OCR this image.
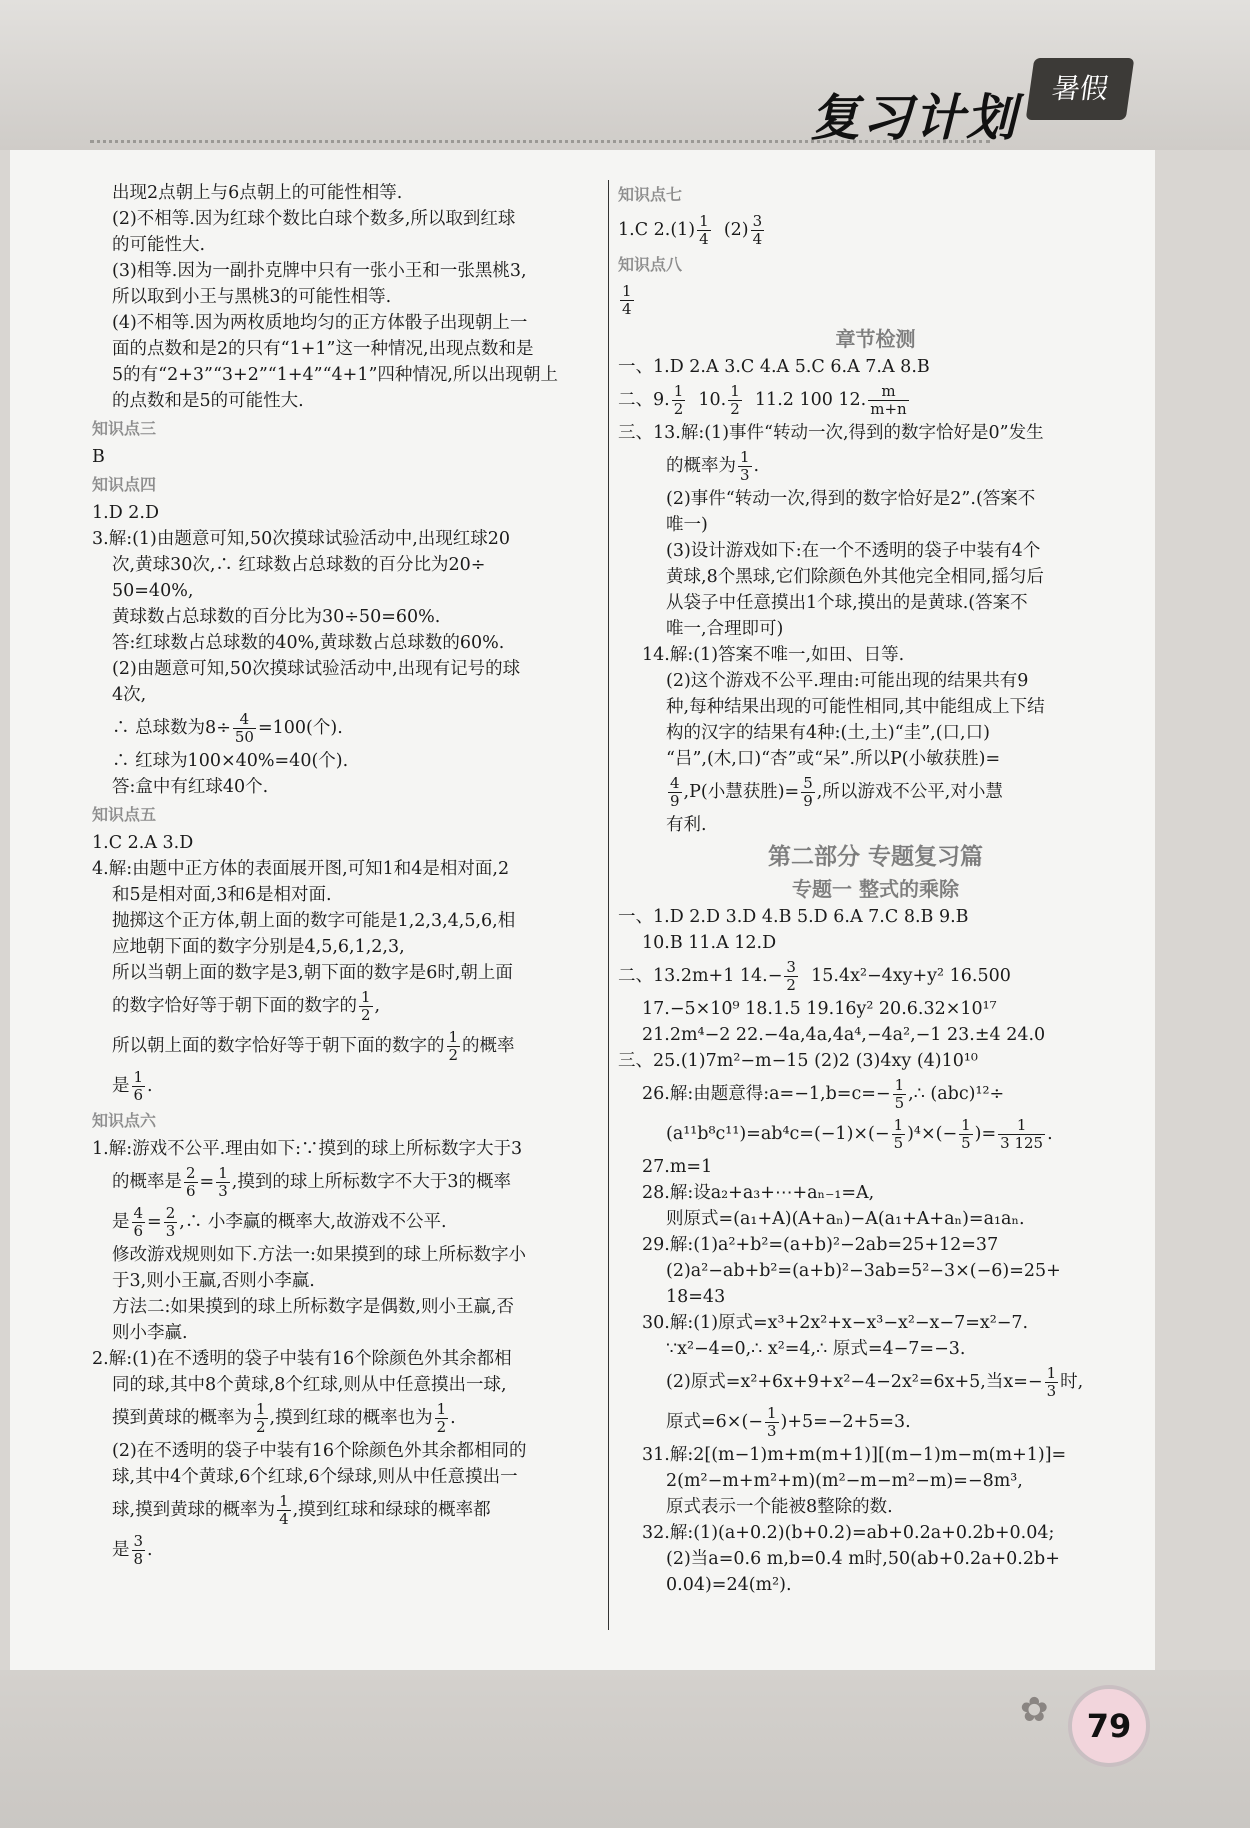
复习计划
暑假
✿	79

出现2点朝上与6点朝上的可能性相等.

(2)不相等.因为红球个数比白球个数多,所以取到红球

的可能性大.

(3)相等.因为一副扑克牌中只有一张小王和一张黑桃3,

所以取到小王与黑桃3的可能性相等.

(4)不相等.因为两枚质地均匀的正方体骰子出现朝上一

面的点数和是2的只有“1+1”这一种情况,出现点数和是

5的有“2+3”“3+2”“1+4”“4+1”四种情况,所以出现朝上

的点数和是5的可能性大.

知识点三

B

知识点四

1.D 2.D

3.解:(1)由题意可知,50次摸球试验活动中,出现红球20

次,黄球30次,∴ 红球数占总球数的百分比为20÷

50=40%,

黄球数占总球数的百分比为30÷50=60%.

答:红球数占总球数的40%,黄球数占总球数的60%.

(2)由题意可知,50次摸球试验活动中,出现有记号的球

4次,

∴ 总球数为$8\div \frac{4}{50} =100$(个).

∴ 红球为100×40%=40(个).

答:盒中有红球40个.

知识点五

1.C 2.A 3.D

4.解:由题中正方体的表面展开图,可知1和4是相对面,2

和5是相对面,3和6是相对面.

抛掷这个正方体,朝上面的数字可能是1,2,3,4,5,6,相

应地朝下面的数字分别是4,5,6,1,2,3,

所以当朝上面的数字是3,朝下面的数字是6时,朝上面

的数字恰好等于朝下面的数字的 $\frac{1}{2}$ ,

所以朝上面的数字恰好等于朝下面的数字的 $\frac{1}{2}$ 的概率

是 $\frac{1}{6}$ .

知识点六

1.解:游戏不公平.理由如下:∵摸到的球上所标数字大于3

的概率是 $\frac{2}{6} = \frac{1}{3}$ ,摸到的球上所标数字不大于3的概率

是 $\frac{4}{6} = \frac{2}{3}$ ,∴ 小李赢的概率大,故游戏不公平.

修改游戏规则如下.方法一:如果摸到的球上所标数字小

于3,则小王赢,否则小李赢.

方法二:如果摸到的球上所标数字是偶数,则小王赢,否

则小李赢.

2.解:(1)在不透明的袋子中装有16个除颜色外其余都相

同的球,其中8个黄球,8个红球,则从中任意摸出一球,

摸到黄球的概率为 $\frac{1}{2}$ ,摸到红球的概率也为 $\frac{1}{2}$ .

(2)在不透明的袋子中装有16个除颜色外其余都相同的

球,其中4个黄球,6个红球,6个绿球,则从中任意摸出一

球,摸到黄球的概率为 $\frac{1}{4}$ ,摸到红球和绿球的概率都

是 $\frac{3}{8}$ .

知识点七

1.C $2.(1) \frac{1}{4} (2) \frac{3}{4}$

知识点八

$\frac{1}{4}$

章节检测

一、1.D 2.A 3.C 4.A 5.C 6.A 7.A 8.B

二、9. $\frac{1}{2} 10$. $\frac{1}{2} 11.2$ 100 12. $\frac{m}{m+n}$

三、13.解:(1)事件“转动一次,得到的数字恰好是0”发生

的概率为 $\frac{1}{3}$ .

(2)事件“转动一次,得到的数字恰好是2”.(答案不

唯一)

(3)设计游戏如下:在一个不透明的袋子中装有4个

黄球,8个黑球,它们除颜色外其他完全相同,摇匀后

从袋子中任意摸出1个球,摸出的是黄球.(答案不

唯一,合理即可)

14.解:(1)答案不唯一,如田、日等.

(2)这个游戏不公平.理由:可能出现的结果共有9

种,每种结果出现的可能性相同,其中能组成上下结

构的汉字的结果有4种:(土,土)“圭”,(口,口)

“吕”,(木,口)“杏”或“呆”.所以P(小敏获胜)=

$\frac{4}{9} ,P$(小慧获胜)= $\frac{5}{9}$ ,所以游戏不公平,对小慧

有利.

第二部分 专题复习篇

专题一 整式的乘除

一、1.D 2.D 3.D 4.B 5.D 6.A 7.C 8.B 9.B

10.B 11.A 12.D

二、13.2m+1 $14.- \frac{3}{2} 15.4x^2-4xy+y^2$ 16.500

17.−5×10⁹ 18.1.5 19.16y² 20.6.32×10¹⁷

21.2m⁴−2 22.−4a,4a,4a⁴,−4a²,−1 23.±4 24.0

三、25.(1)7m²−m−15 (2)2 (3)4xy (4)10¹⁰

26.解:由题意得:a=−1,b=c=− $\frac{1}{5}$ ,∴ (abc)¹²÷

$(a^{11}b^8c^{11})=ab^4c=(-1)\times(- \frac{1}{5} )^4\times(- \frac{1}{5}$ )= $\frac{1}{3 125}$ .

27.m=1

28.解:设a₂+a₃+⋯+aₙ₋₁=A,

则原式=(a₁+A)(A+aₙ)−A(a₁+A+aₙ)=a₁aₙ.

29.解:(1)a²+b²=(a+b)²−2ab=25+12=37

(2)a²−ab+b²=(a+b)²−3ab=5²−3×(−6)=25+

18=43

30.解:(1)原式=x³+2x²+x−x³−x²−x−7=x²−7.

∵x²−4=0,∴ x²=4,∴ 原式=4−7=−3.

(2)原式=x²+6x+9+x²−4−2x²=6x+5,当$x=- \frac{1}{3}$ 时,

原式$=6\times(- \frac{1}{3} )+5=-2+5=3$.

31.解:2[(m−1)m+m(m+1)][(m−1)m−m(m+1)]=

2(m²−m+m²+m)(m²−m−m²−m)=−8m³,

原式表示一个能被8整除的数.

32.解:(1)(a+0.2)(b+0.2)=ab+0.2a+0.2b+0.04;

(2)当a=0.6 m,b=0.4 m时,50(ab+0.2a+0.2b+

0.04)=24(m²).
